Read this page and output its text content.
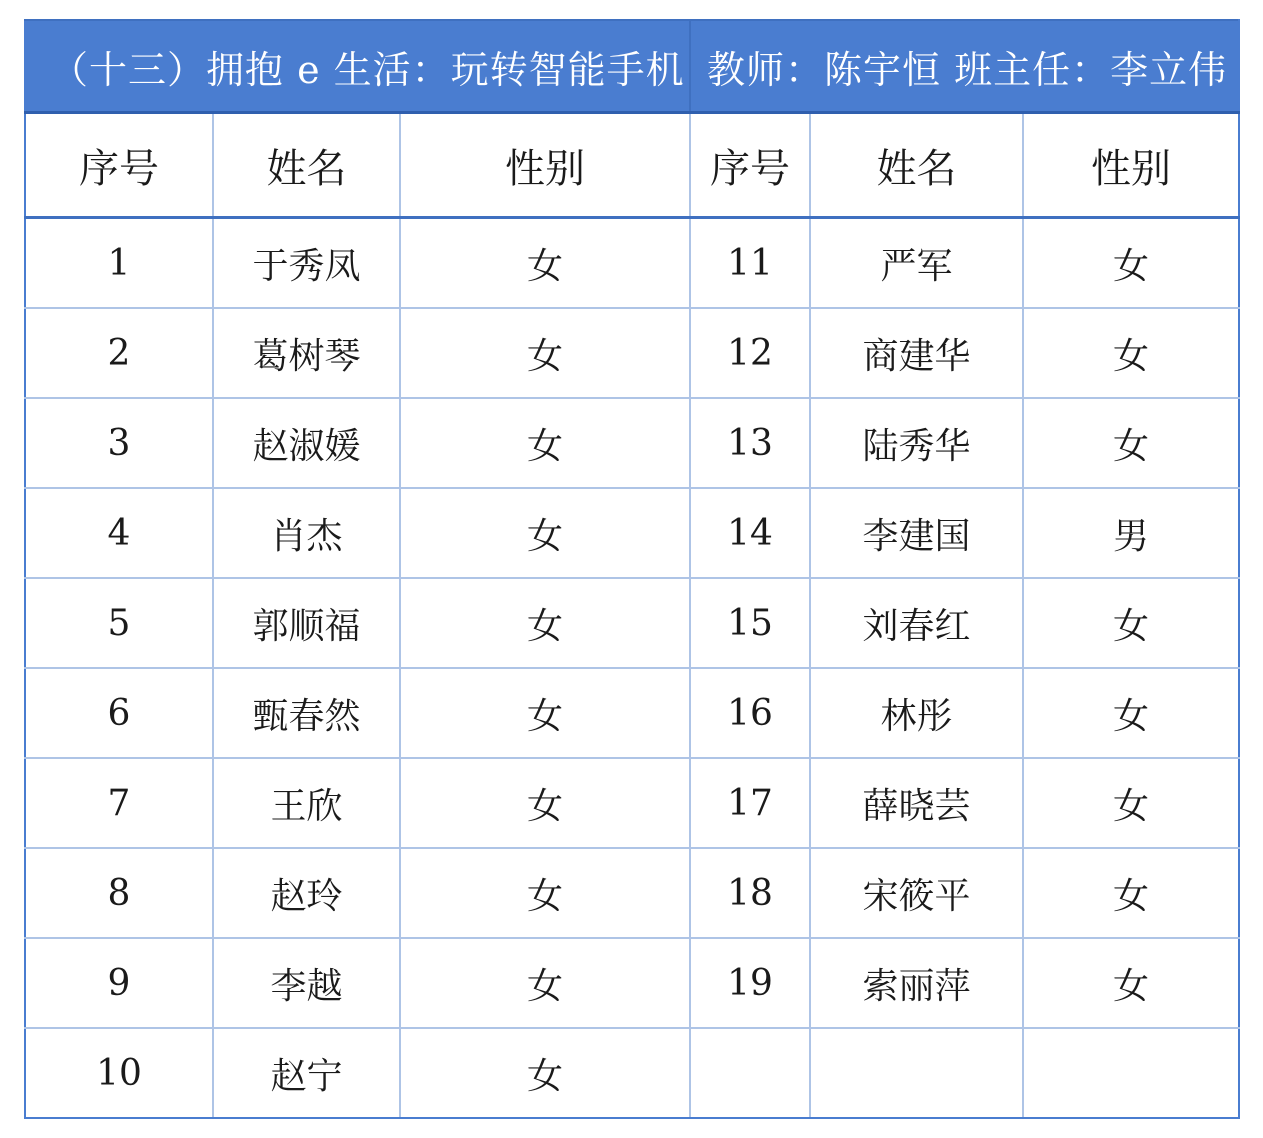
（十三）拥抱 e 生活：玩转智能手机			教师：陈宇恒 班主任：李立伟		
序号	姓名	性别	序号	姓名	性别
1	于秀凤	女	11	严军	女
2	葛树琴	女	12	商建华	女
3	赵淑媛	女	13	陆秀华	女
4	肖杰	女	14	李建国	男
5	郭顺福	女	15	刘春红	女
6	甄春然	女	16	林彤	女
7	王欣	女	17	薛晓芸	女
8	赵玲	女	18	宋筱平	女
9	李越	女	19	索丽萍	女
10	赵宁	女			
